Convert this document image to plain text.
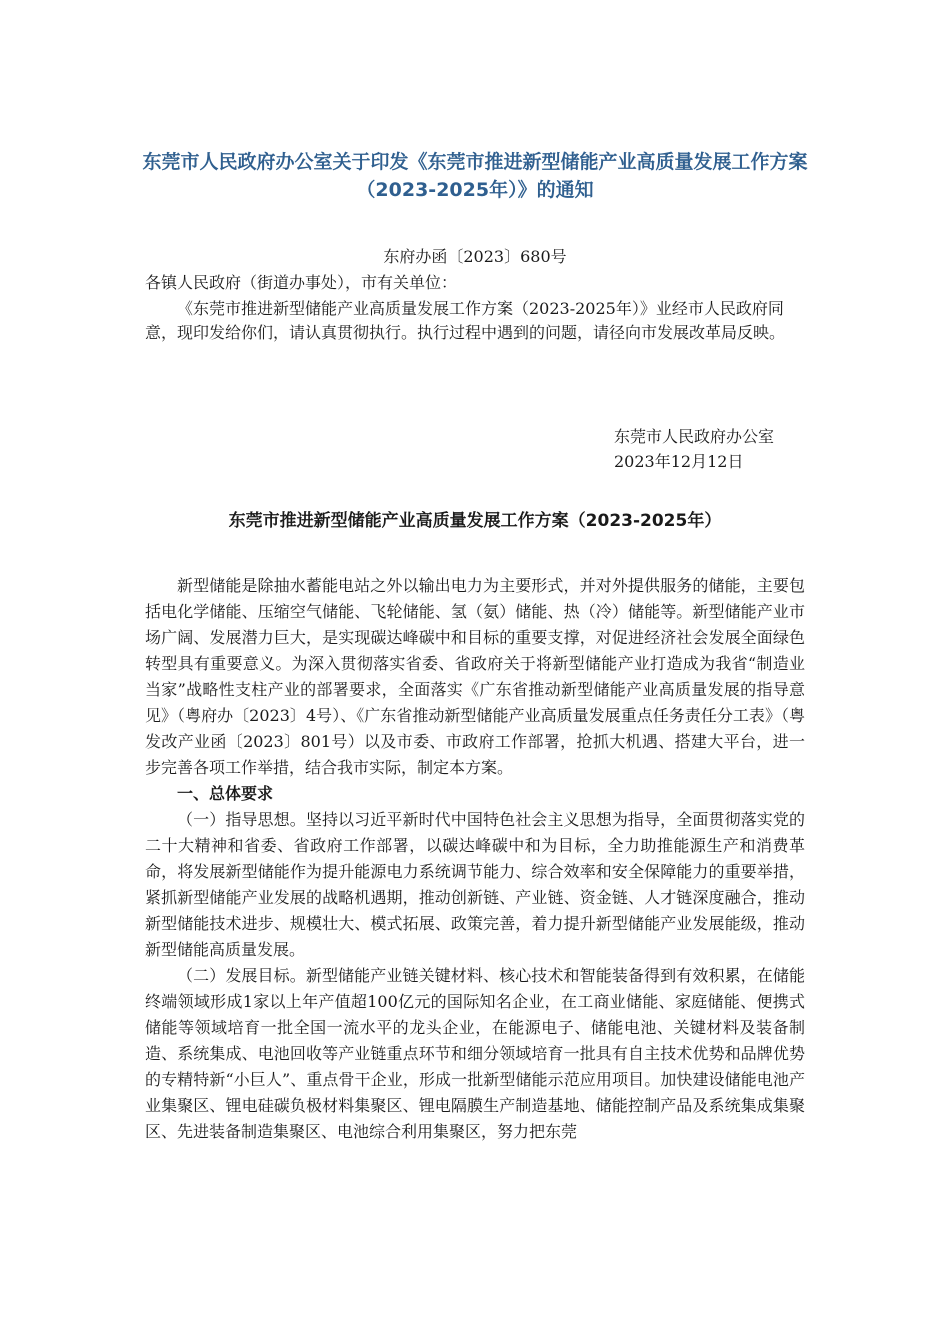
东莞市人民政府办公室关于印发《东莞市推进新型储能产业高质量发展工作方案（2023-2025年）》的通知

东府办函〔2023〕680号

各镇人民政府（街道办事处），市有关单位：

《东莞市推进新型储能产业高质量发展工作方案（2023-2025年）》业经市人民政府同意，现印发给你们，请认真贯彻执行。执行过程中遇到的问题，请径向市发展改革局反映。

东莞市人民政府办公室

2023年12月12日

东莞市推进新型储能产业高质量发展工作方案（2023-2025年）

新型储能是除抽水蓄能电站之外以输出电力为主要形式，并对外提供服务的储能，主要包括电化学储能、压缩空气储能、飞轮储能、氢（氨）储能、热（冷）储能等。新型储能产业市场广阔、发展潜力巨大，是实现碳达峰碳中和目标的重要支撑，对促进经济社会发展全面绿色转型具有重要意义。为深入贯彻落实省委、省政府关于将新型储能产业打造成为我省“制造业当家”战略性支柱产业的部署要求，全面落实《广东省推动新型储能产业高质量发展的指导意见》（粤府办〔2023〕4号）、《广东省推动新型储能产业高质量发展重点任务责任分工表》（粤发改产业函〔2023〕801号）以及市委、市政府工作部署，抢抓大机遇、搭建大平台，进一步完善各项工作举措，结合我市实际，制定本方案。

一、总体要求

（一）指导思想。坚持以习近平新时代中国特色社会主义思想为指导，全面贯彻落实党的二十大精神和省委、省政府工作部署，以碳达峰碳中和为目标，全力助推能源生产和消费革命，将发展新型储能作为提升能源电力系统调节能力、综合效率和安全保障能力的重要举措，紧抓新型储能产业发展的战略机遇期，推动创新链、产业链、资金链、人才链深度融合，推动新型储能技术进步、规模壮大、模式拓展、政策完善，着力提升新型储能产业发展能级，推动新型储能高质量发展。

（二）发展目标。新型储能产业链关键材料、核心技术和智能装备得到有效积累，在储能终端领域形成1家以上年产值超100亿元的国际知名企业，在工商业储能、家庭储能、便携式储能等领域培育一批全国一流水平的龙头企业，在能源电子、储能电池、关键材料及装备制造、系统集成、电池回收等产业链重点环节和细分领域培育一批具有自主技术优势和品牌优势的专精特新“小巨人”、重点骨干企业，形成一批新型储能示范应用项目。加快建设储能电池产业集聚区、锂电硅碳负极材料集聚区、锂电隔膜生产制造基地、储能控制产品及系统集成集聚区、先进装备制造集聚区、电池综合利用集聚区，努力把东莞
